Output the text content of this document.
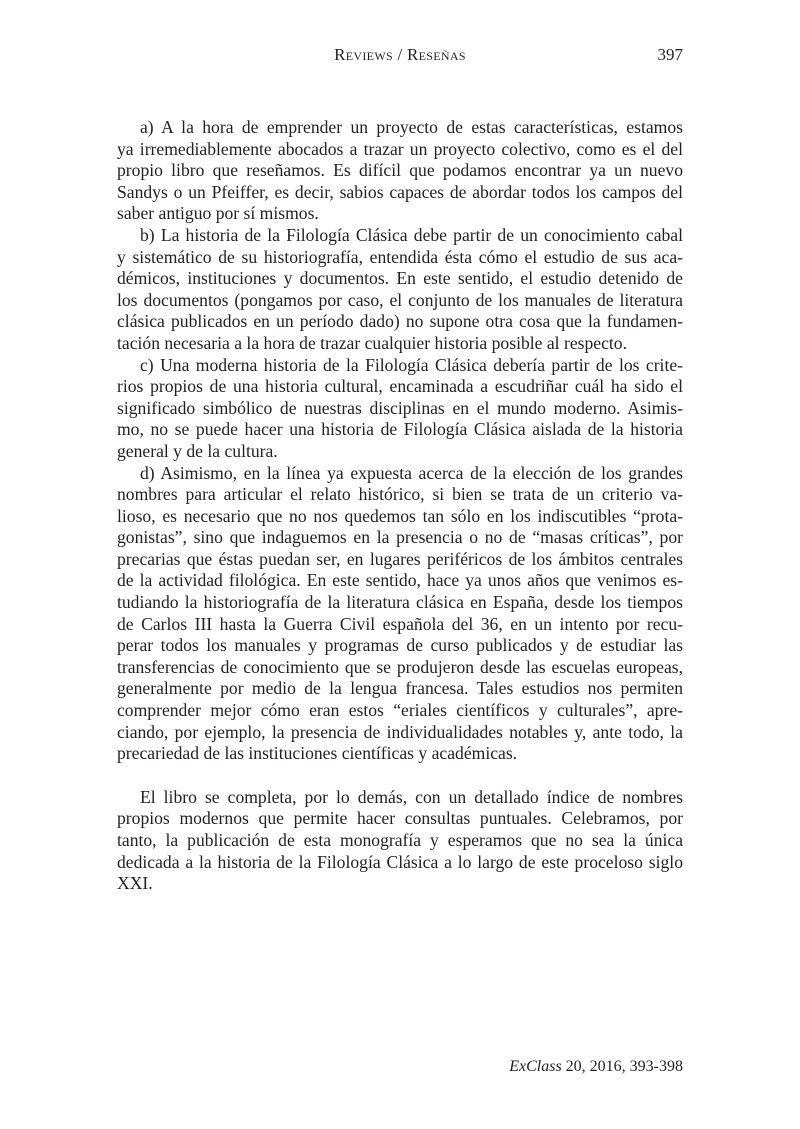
Reviews / Reseñas	397
a) A la hora de emprender un proyecto de estas características, estamos
ya irremediablemente abocados a trazar un proyecto colectivo, como es el del
propio libro que reseñamos. Es difícil que podamos encontrar ya un nuevo
Sandys o un Pfeiffer, es decir, sabios capaces de abordar todos los campos del
saber antiguo por sí mismos.
b) La historia de la Filología Clásica debe partir de un conocimiento cabal
y sistemático de su historiografía, entendida ésta cómo el estudio de sus aca-
démicos, instituciones y documentos. En este sentido, el estudio detenido de
los documentos (pongamos por caso, el conjunto de los manuales de literatura
clásica publicados en un período dado) no supone otra cosa que la fundamen-
tación necesaria a la hora de trazar cualquier historia posible al respecto.
c) Una moderna historia de la Filología Clásica debería partir de los crite-
rios propios de una historia cultural, encaminada a escudriñar cuál ha sido el
significado simbólico de nuestras disciplinas en el mundo moderno. Asimis-
mo, no se puede hacer una historia de Filología Clásica aislada de la historia
general y de la cultura.
d) Asimismo, en la línea ya expuesta acerca de la elección de los grandes
nombres para articular el relato histórico, si bien se trata de un criterio va-
lioso, es necesario que no nos quedemos tan sólo en los indiscutibles “prota-
gonistas”, sino que indaguemos en la presencia o no de “masas críticas”, por
precarias que éstas puedan ser, en lugares periféricos de los ámbitos centrales
de la actividad filológica. En este sentido, hace ya unos años que venimos es-
tudiando la historiografía de la literatura clásica en España, desde los tiempos
de Carlos III hasta la Guerra Civil española del 36, en un intento por recu-
perar todos los manuales y programas de curso publicados y de estudiar las
transferencias de conocimiento que se produjeron desde las escuelas europeas,
generalmente por medio de la lengua francesa. Tales estudios nos permiten
comprender mejor cómo eran estos “eriales científicos y culturales”, apre-
ciando, por ejemplo, la presencia de individualidades notables y, ante todo, la
precariedad de las instituciones científicas y académicas.
El libro se completa, por lo demás, con un detallado índice de nombres
propios modernos que permite hacer consultas puntuales. Celebramos, por
tanto, la publicación de esta monografía y esperamos que no sea la única
dedicada a la historia de la Filología Clásica a lo largo de este proceloso siglo
XXI.
ExClass 20, 2016, 393-398
